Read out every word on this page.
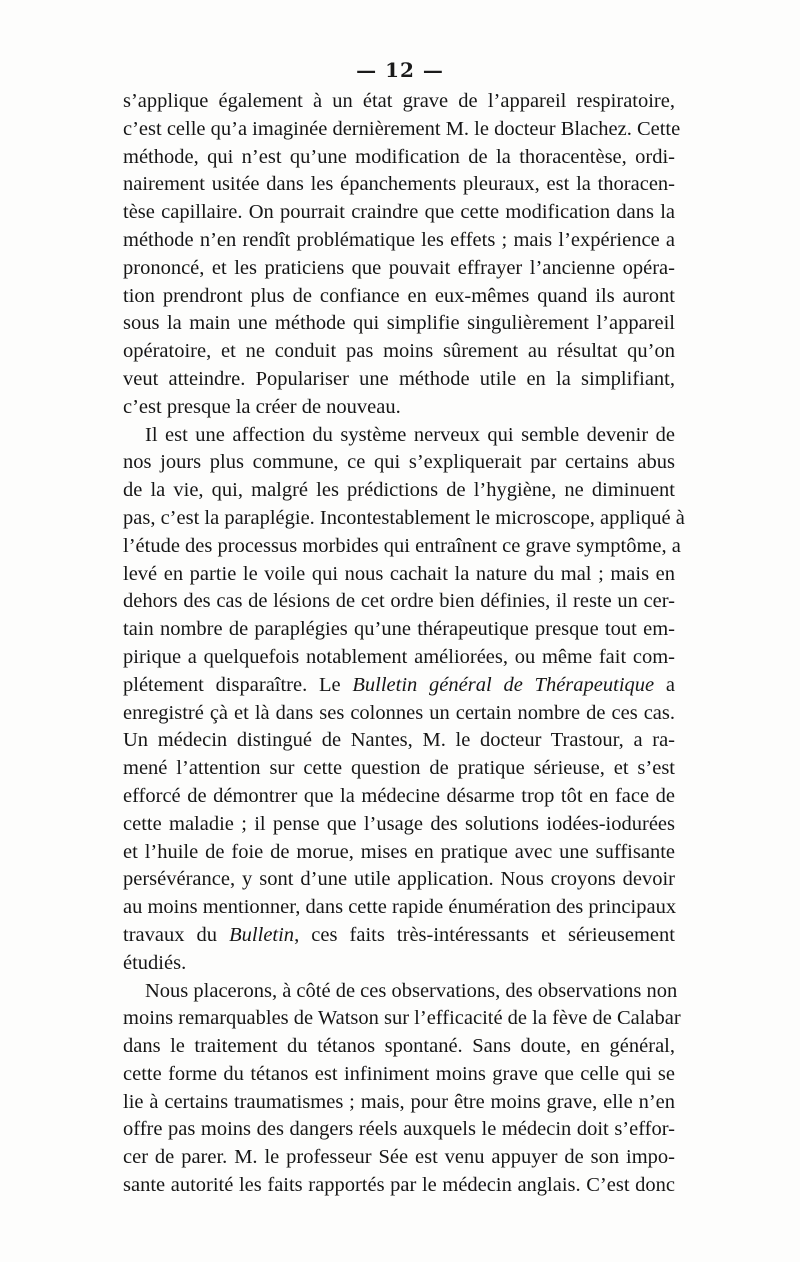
— 12 —
s’applique également à un état grave de l’appareil respiratoire,
c’est celle qu’a imaginée dernièrement M. le docteur Blachez. Cette
méthode, qui n’est qu’une modification de la thoracentèse, ordi-
nairement usitée dans les épanchements pleuraux, est la thoracen-
tèse capillaire. On pourrait craindre que cette modification dans la
méthode n’en rendît problématique les effets ; mais l’expérience a
prononcé, et les praticiens que pouvait effrayer l’ancienne opéra-
tion prendront plus de confiance en eux-mêmes quand ils auront
sous la main une méthode qui simplifie singulièrement l’appareil
opératoire, et ne conduit pas moins sûrement au résultat qu’on
veut atteindre. Populariser une méthode utile en la simplifiant,
c’est presque la créer de nouveau.
Il est une affection du système nerveux qui semble devenir de
nos jours plus commune, ce qui s’expliquerait par certains abus
de la vie, qui, malgré les prédictions de l’hygiène, ne diminuent
pas, c’est la paraplégie. Incontestablement le microscope, appliqué à
l’étude des processus morbides qui entraînent ce grave symptôme, a
levé en partie le voile qui nous cachait la nature du mal ; mais en
dehors des cas de lésions de cet ordre bien définies, il reste un cer-
tain nombre de paraplégies qu’une thérapeutique presque tout em-
pirique a quelquefois notablement améliorées, ou même fait com-
plétement disparaître. Le Bulletin général de Thérapeutique a
enregistré çà et là dans ses colonnes un certain nombre de ces cas.
Un médecin distingué de Nantes, M. le docteur Trastour, a ra-
mené l’attention sur cette question de pratique sérieuse, et s’est
efforcé de démontrer que la médecine désarme trop tôt en face de
cette maladie ; il pense que l’usage des solutions iodées-iodurées
et l’huile de foie de morue, mises en pratique avec une suffisante
persévérance, y sont d’une utile application. Nous croyons devoir
au moins mentionner, dans cette rapide énumération des principaux
travaux du Bulletin, ces faits très-intéressants et sérieusement
étudiés.
Nous placerons, à côté de ces observations, des observations non
moins remarquables de Watson sur l’efficacité de la fève de Calabar
dans le traitement du tétanos spontané. Sans doute, en général,
cette forme du tétanos est infiniment moins grave que celle qui se
lie à certains traumatismes ; mais, pour être moins grave, elle n’en
offre pas moins des dangers réels auxquels le médecin doit s’effor-
cer de parer. M. le professeur Sée est venu appuyer de son impo-
sante autorité les faits rapportés par le médecin anglais. C’est donc
